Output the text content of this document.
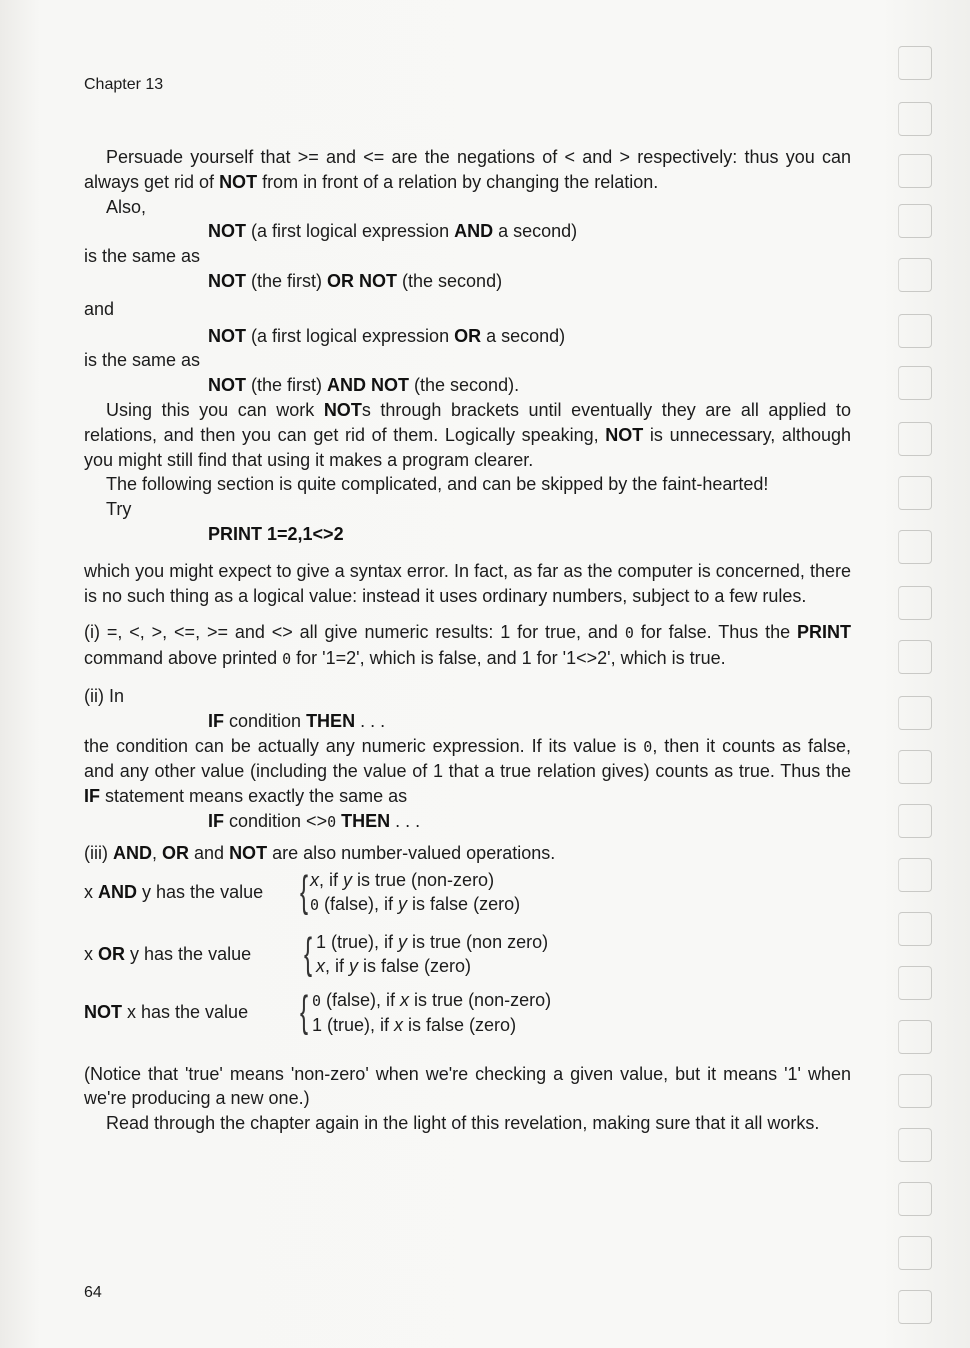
Chapter 13

Persuade yourself that >= and <= are the negations of < and > respectively: thus you can always get rid of NOT from in front of a relation by changing the relation.

Also,

NOT (a first logical expression AND a second)

is the same as

NOT (the first) OR NOT (the second)

and

NOT (a first logical expression OR a second)

is the same as

NOT (the first) AND NOT (the second).

Using this you can work NOTs through brackets until eventually they are all applied to relations, and then you can get rid of them. Logically speaking, NOT is unnecessary, although you might still find that using it makes a program clearer.

The following section is quite complicated, and can be skipped by the faint-hearted!

Try

PRINT 1=2,1<>2

which you might expect to give a syntax error. In fact, as far as the computer is concerned, there is no such thing as a logical value: instead it uses ordinary numbers, subject to a few rules.

(i) =, <, >, <=, >= and <> all give numeric results: 1 for true, and 0 for false. Thus the PRINT command above printed 0 for '1=2', which is false, and 1 for '1<>2', which is true.

(ii) In

IF condition THEN . . .

the condition can be actually any numeric expression. If its value is 0, then it counts as false, and any other value (including the value of 1 that a true relation gives) counts as true. Thus the IF statement means exactly the same as

IF condition <>0 THEN . . .

(iii) AND, OR and NOT are also number-valued operations.

x AND y has the value { x, if y is true (non-zero)
0 (false), if y is false (zero)
x OR y has the value { 1 (true), if y is true (non zero)
x, if y is false (zero)
NOT x has the value { 0 (false), if x is true (non-zero)
1 (true), if x is false (zero)

(Notice that 'true' means 'non-zero' when we're checking a given value, but it means '1' when we're producing a new one.)

Read through the chapter again in the light of this revelation, making sure that it all works.

64
